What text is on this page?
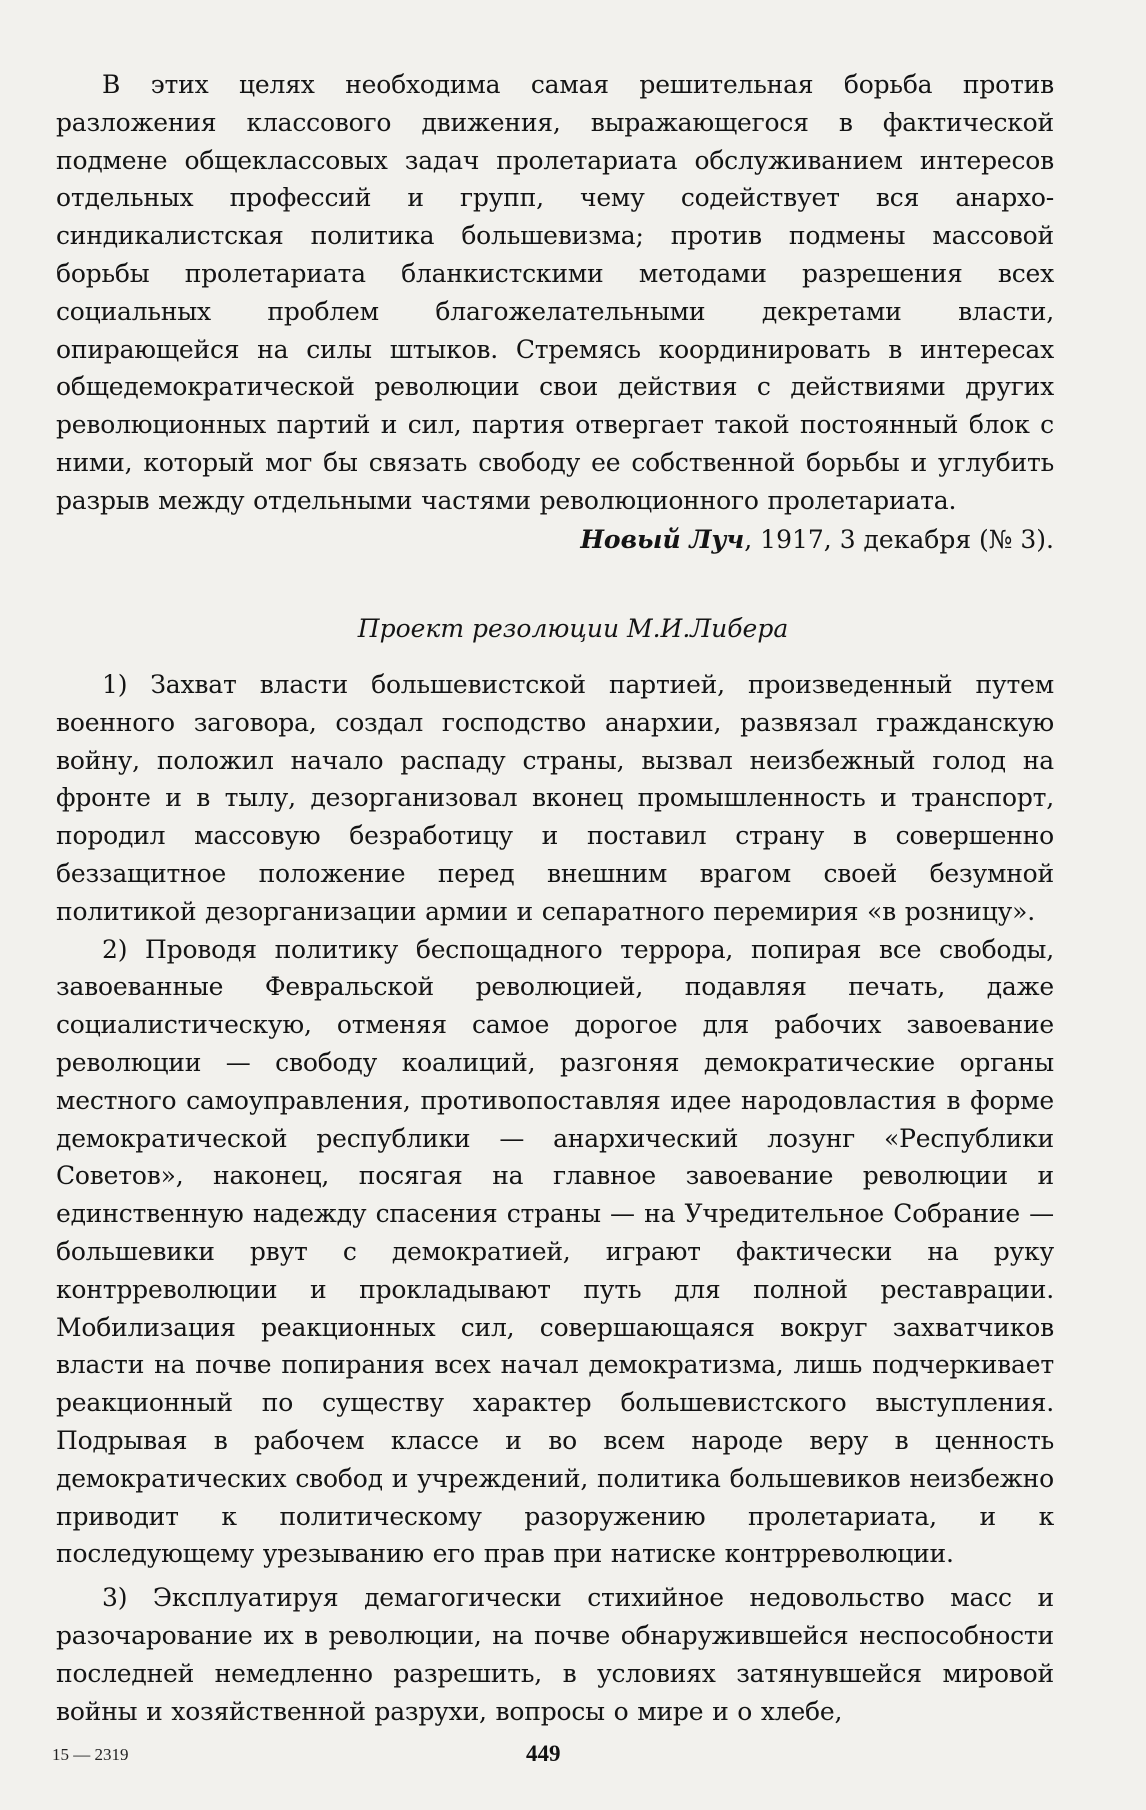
В этих целях необходима самая решительная борьба против разложения классового движения, выражающегося в фактической подмене общеклассовых задач пролетариата обслуживанием интересов отдельных профессий и групп, чему содействует вся анархо-синдикалистская политика большевизма; против подмены массовой борьбы пролетариата бланкистскими методами разрешения всех социальных проблем благожелательными декретами власти, опирающейся на силы штыков. Стремясь координировать в интересах общедемократической революции свои действия с действиями других революционных партий и сил, партия отвергает такой постоянный блок с ними, который мог бы связать свободу ее собственной борьбы и углубить разрыв между отдельными частями революционного пролетариата.

Новый Луч, 1917, 3 декабря (№ 3).
Проект резолюции М.И.Либера

1) Захват власти большевистской партией, произведенный путем военного заговора, создал господство анархии, развязал гражданскую войну, положил начало распаду страны, вызвал неизбежный голод на фронте и в тылу, дезорганизовал вконец промышленность и транспорт, породил массовую безработицу и поставил страну в совершенно беззащитное положение перед внешним врагом своей безумной политикой дезорганизации армии и сепаратного перемирия «в розницу».

2) Проводя политику беспощадного террора, попирая все свободы, завоеванные Февральской революцией, подавляя печать, даже социалистическую, отменяя самое дорогое для рабочих завоевание революции — свободу коалиций, разгоняя демократические органы местного самоуправления, противопоставляя идее народовластия в форме демократической республики — анархический лозунг «Республики Советов», наконец, посягая на главное завоевание революции и единственную надежду спасения страны — на Учредительное Собрание — большевики рвут с демократией, играют фактически на руку контрреволюции и прокладывают путь для полной реставрации. Мобилизация реакционных сил, совершающаяся вокруг захватчиков власти на почве попирания всех начал демократизма, лишь подчеркивает реакционный по существу характер большевистского выступления. Подрывая в рабочем классе и во всем народе веру в ценность демократических свобод и учреждений, политика большевиков неизбежно приводит к политическому разоружению пролетариата, и к последующему урезыванию его прав при натиске контрреволюции.

3) Эксплуатируя демагогически стихийное недовольство масс и разочарование их в революции, на почве обнаружившейся неспособности последней немедленно разрешить, в условиях затянувшейся мировой войны и хозяйственной разрухи, вопросы о мире и о хлебе,

15 — 2319	449
